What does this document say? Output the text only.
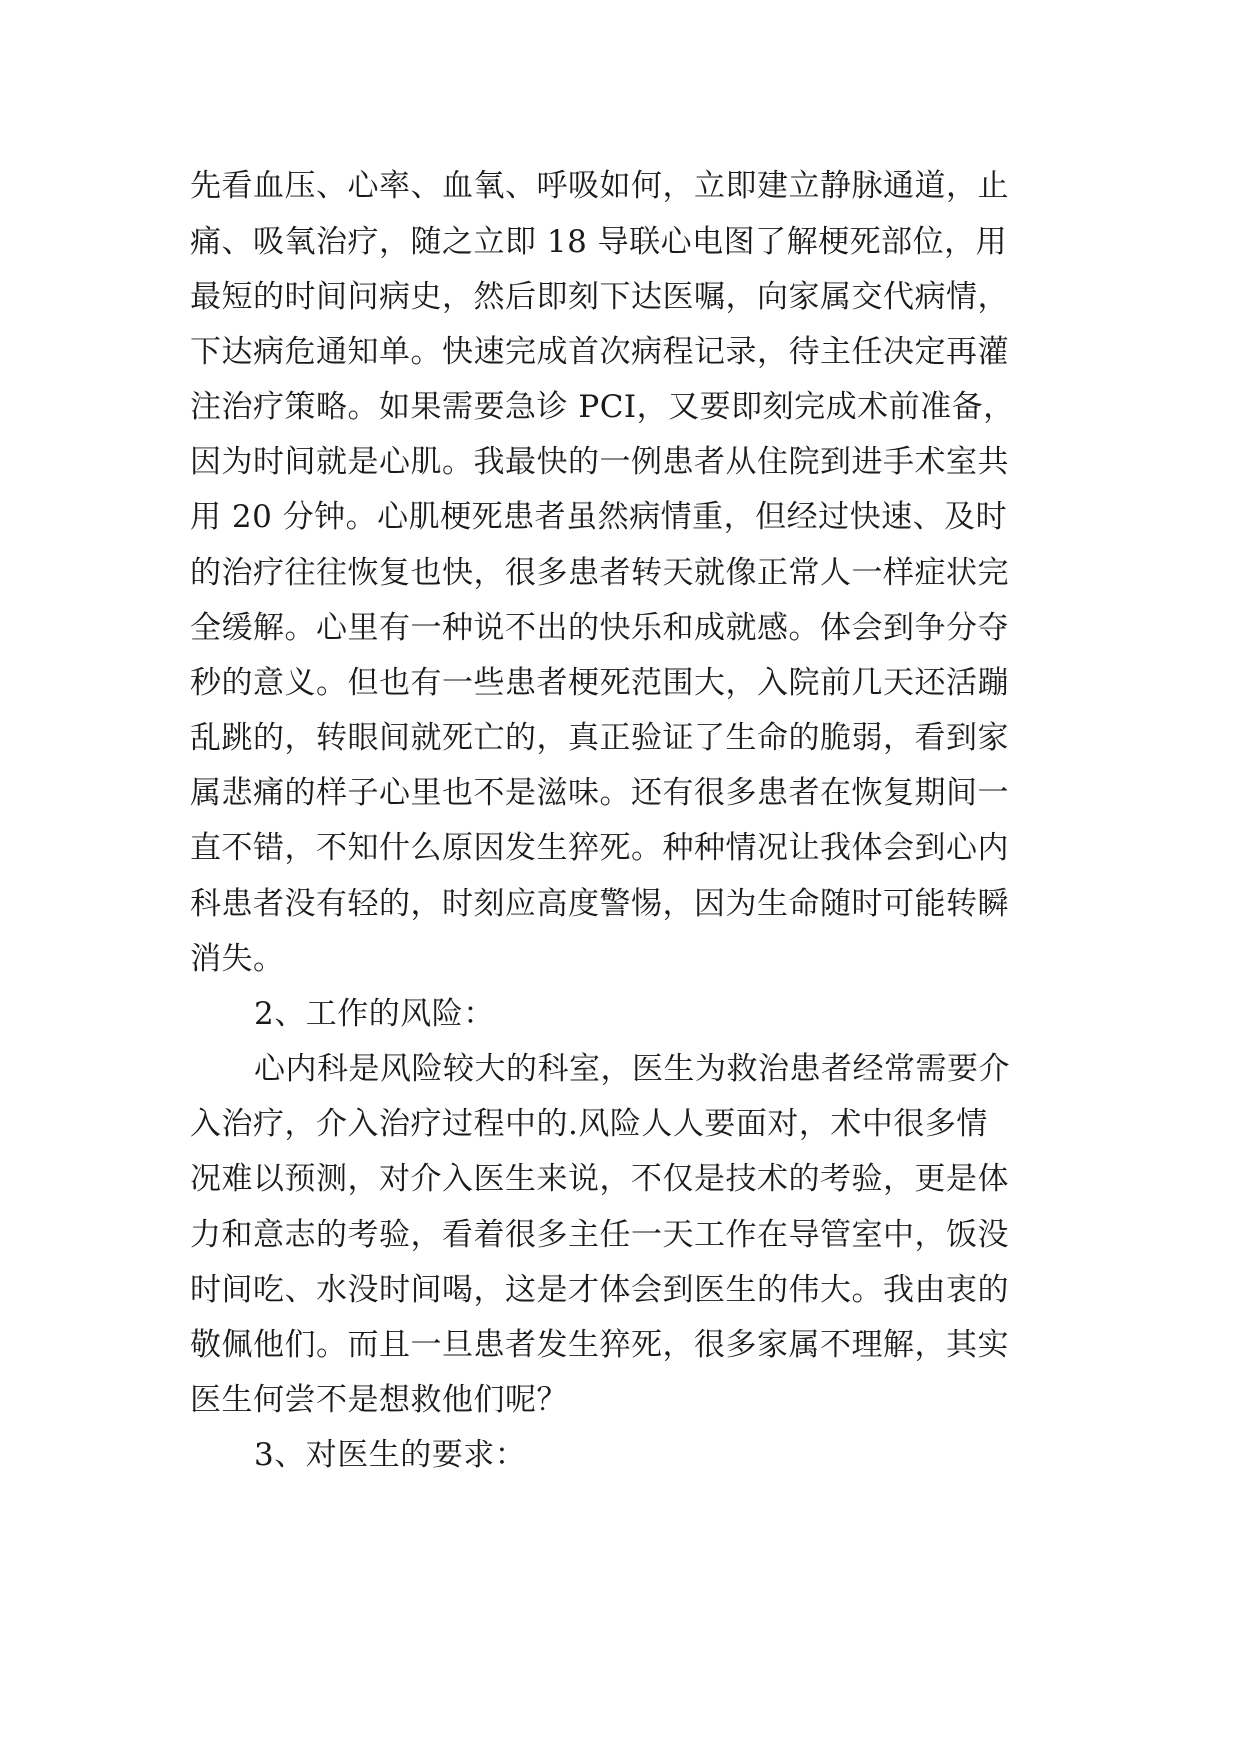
先看血压、心率、血氧、呼吸如何，立即建立静脉通道，止
痛、吸氧治疗，随之立即 18 导联心电图了解梗死部位，用
最短的时间问病史，然后即刻下达医嘱，向家属交代病情，
下达病危通知单。快速完成首次病程记录，待主任决定再灌
注治疗策略。如果需要急诊 PCI，又要即刻完成术前准备，
因为时间就是心肌。我最快的一例患者从住院到进手术室共
用 20 分钟。心肌梗死患者虽然病情重，但经过快速、及时
的治疗往往恢复也快，很多患者转天就像正常人一样症状完
全缓解。心里有一种说不出的快乐和成就感。体会到争分夺
秒的意义。但也有一些患者梗死范围大，入院前几天还活蹦
乱跳的，转眼间就死亡的，真正验证了生命的脆弱，看到家
属悲痛的样子心里也不是滋味。还有很多患者在恢复期间一
直不错，不知什么原因发生猝死。种种情况让我体会到心内
科患者没有轻的，时刻应高度警惕，因为生命随时可能转瞬
消失。
2、工作的风险：
心内科是风险较大的科室，医生为救治患者经常需要介
入治疗，介入治疗过程中的.风险人人要面对，术中很多情
况难以预测，对介入医生来说，不仅是技术的考验，更是体
力和意志的考验，看着很多主任一天工作在导管室中，饭没
时间吃、水没时间喝，这是才体会到医生的伟大。我由衷的
敬佩他们。而且一旦患者发生猝死，很多家属不理解，其实
医生何尝不是想救他们呢？
3、对医生的要求：
